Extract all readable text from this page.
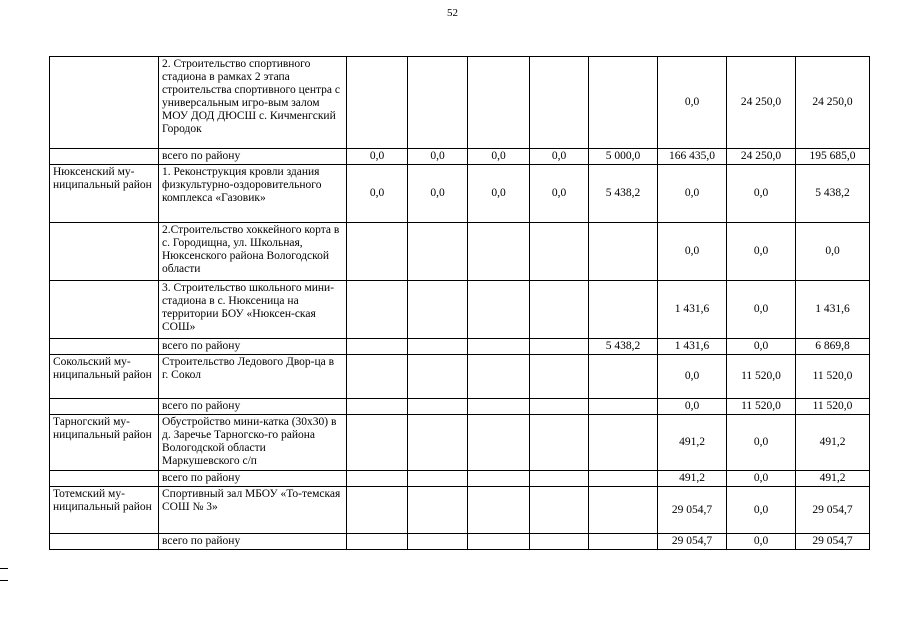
52
	2. Строительство спортивного стадиона в рамках 2 этапа строительства спортивного центра с универсальным игро-вым залом МОУ ДОД ДЮСШ с. Кичменгский Городок						0,0	24 250,0	24 250,0
	всего по району	0,0	0,0	0,0	0,0	5 000,0	166 435,0	24 250,0	195 685,0
Нюксенский му-ниципальный район	1. Реконструкция кровли здания физкультурно-оздоровительного комплекса «Газовик»	0,0	0,0	0,0	0,0	5 438,2	0,0	0,0	5 438,2
	2.Строительство хоккейного корта в с. Городищна, ул. Школьная, Нюксенского района Вологодской области						0,0	0,0	0,0
	3. Строительство школьного мини-стадиона в с. Нюксеница на территории БОУ «Нюксен-ская СОШ»						1 431,6	0,0	1 431,6
	всего по району					5 438,2	1 431,6	0,0	6 869,8
Сокольский му-ниципальный район	Строительство Ледового Двор-ца в г. Сокол						0,0	11 520,0	11 520,0
	всего по району						0,0	11 520,0	11 520,0
Тарногский му-ниципальный район	Обустройство мини-катка (30х30) в д. Заречье Тарногско-го района Вологодской области Маркушевского с/п						491,2	0,0	491,2
	всего по району						491,2	0,0	491,2
Тотемский му-ниципальный район	Спортивный зал МБОУ «То-темская СОШ № 3»						29 054,7	0,0	29 054,7
	всего по району						29 054,7	0,0	29 054,7
